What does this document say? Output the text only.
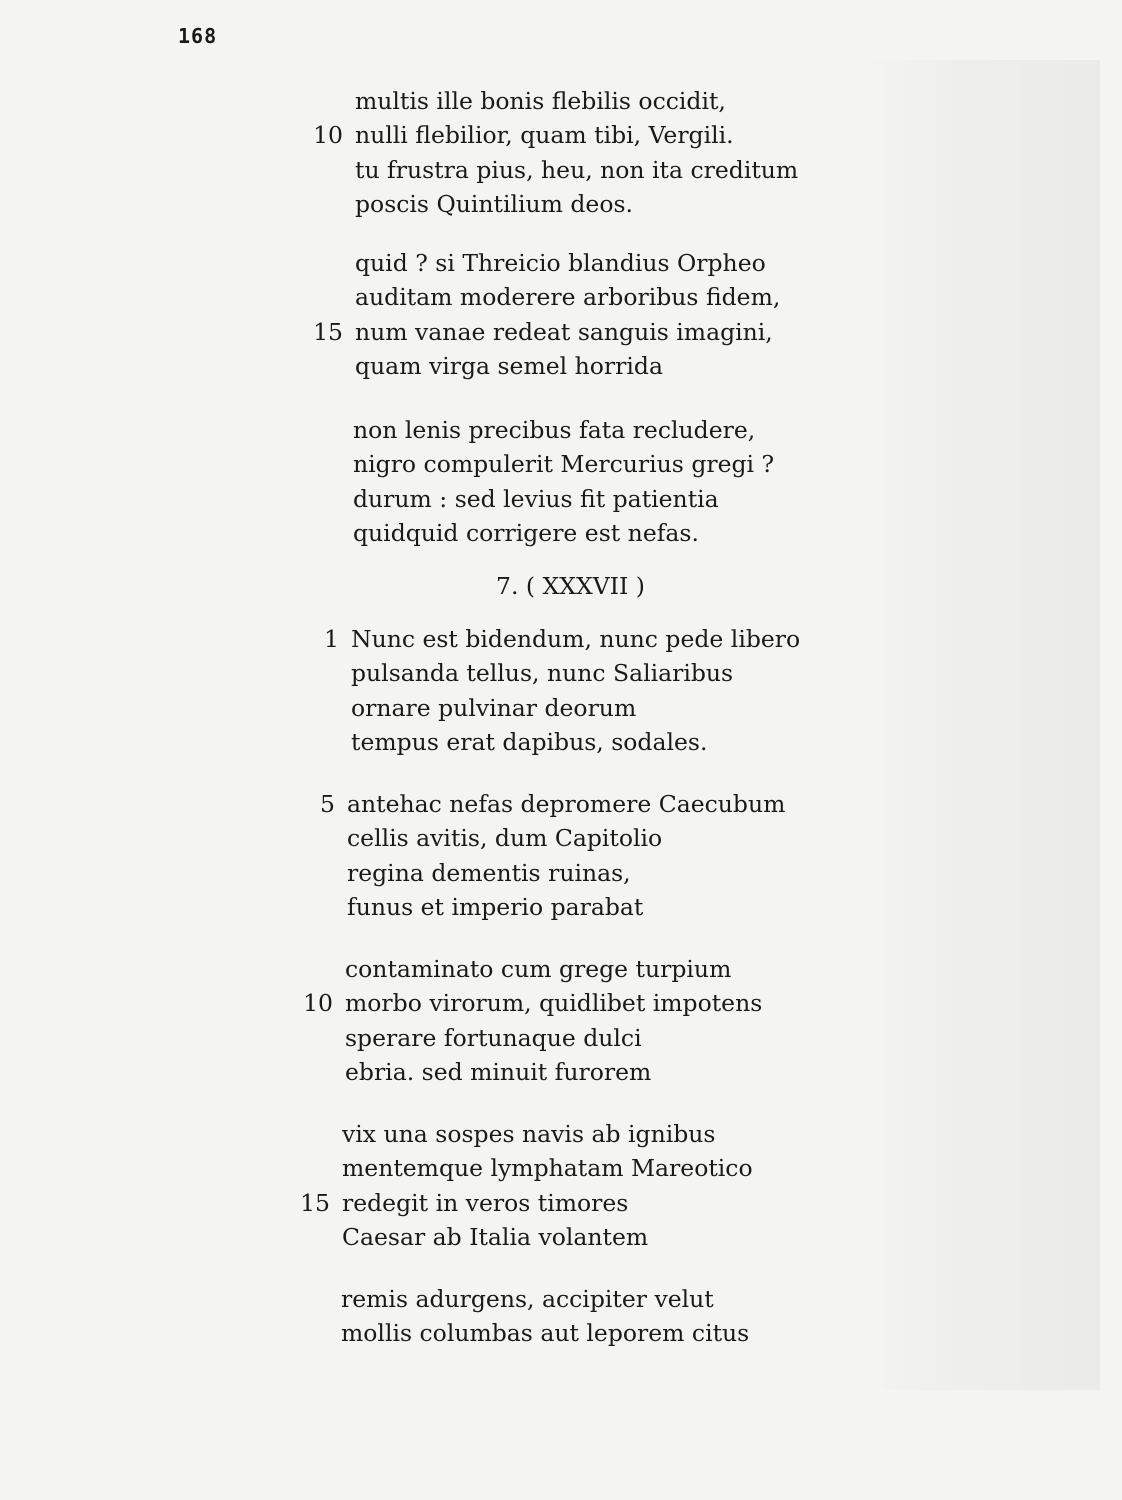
168
multis ille bonis flebilis occidit,
10 nulli flebilior, quam tibi, Vergili.
tu frustra pius, heu, non ita creditum
poscis Quintilium deos.
quid ? si Threicio blandius Orpheo
auditam moderere arboribus fidem,
15 num vanae redeat sanguis imagini,
quam virga semel horrida
non lenis precibus fata recludere,
nigro compulerit Mercurius gregi ?
durum : sed levius fit patientia
quidquid corrigere est nefas.
7. ( XXXVII )
1 Nunc est bidendum, nunc pede libero
pulsanda tellus, nunc Saliaribus
ornare pulvinar deorum
tempus erat dapibus, sodales.
5 antehac nefas depromere Caecubum
cellis avitis, dum Capitolio
regina dementis ruinas,
funus et imperio parabat
contaminato cum grege turpium
10 morbo virorum, quidlibet impotens
sperare fortunaque dulci
ebria. sed minuit furorem
vix una sospes navis ab ignibus
mentemque lymphatam Mareotico
15 redegit in veros timores
Caesar ab Italia volantem
remis adurgens, accipiter velut
mollis columbas aut leporem citus
